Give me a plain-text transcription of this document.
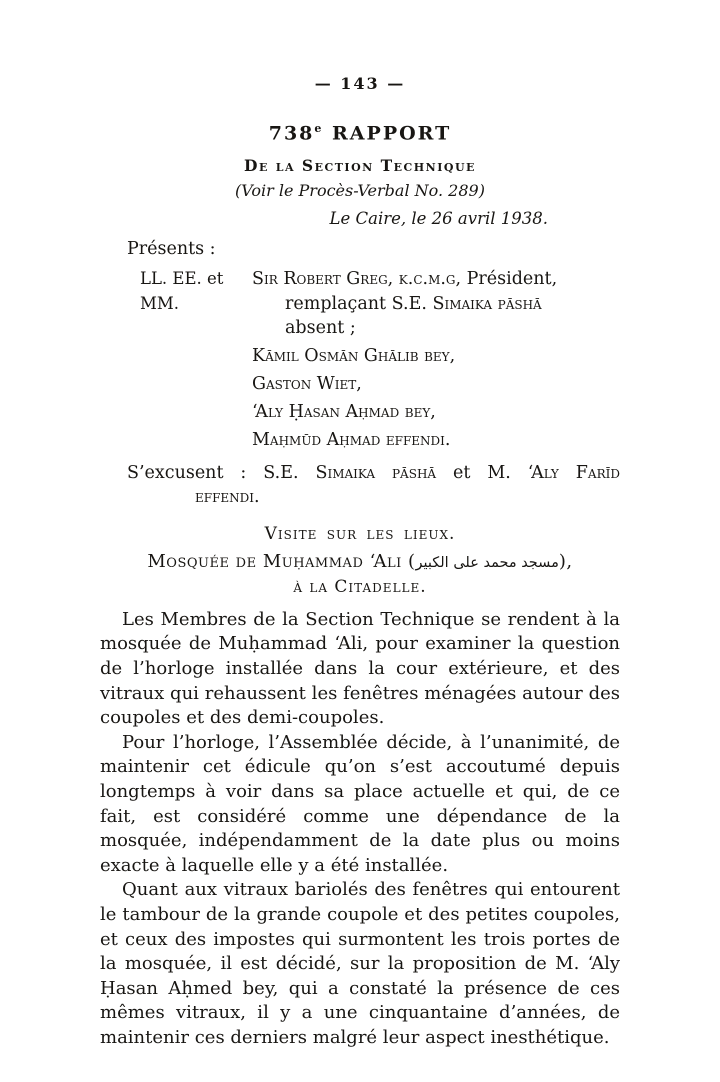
— 143 —
738e RAPPORT
De la Section Technique
(Voir le Procès-Verbal No. 289)
Le Caire, le 26 avril 1938.
Présents :
LL. EE. et MM.
Sir Robert Greg, k.c.m.g, Président,
remplaçant S.E. Simaika pāshā
absent ;
Kāmil Osmān Ghālib bey,
Gaston Wiet,
‘Aly Ḥasan Aḥmad bey,
Maḥmūd Aḥmad effendi.
S’excusent : S.E. Simaika pāshā et M. ‘Aly Farīd
effendi.
Visite sur les lieux.
Mosquée de Muḥammad ‘Ali (مسجد محمد على الكبير),
à la Citadelle.

Les Membres de la Section Technique se rendent à la mosquée de Muḥammad ‘Ali, pour examiner la question de l’horloge installée dans la cour extérieure, et des vitraux qui rehaussent les fenêtres ménagées autour des coupoles et des demi-coupoles.

Pour l’horloge, l’Assemblée décide, à l’unanimité, de maintenir cet édicule qu’on s’est accoutumé depuis longtemps à voir dans sa place actuelle et qui, de ce fait, est considéré comme une dépendance de la mosquée, indépendamment de la date plus ou moins exacte à laquelle elle y a été installée.

Quant aux vitraux bariolés des fenêtres qui entourent le tambour de la grande coupole et des petites coupoles, et ceux des impostes qui surmontent les trois portes de la mosquée, il est décidé, sur la proposition de M. ‘Aly Ḥasan Aḥmed bey, qui a constaté la présence de ces mêmes vitraux, il y a une cinquantaine d’années, de maintenir ces derniers malgré leur aspect inesthétique.
